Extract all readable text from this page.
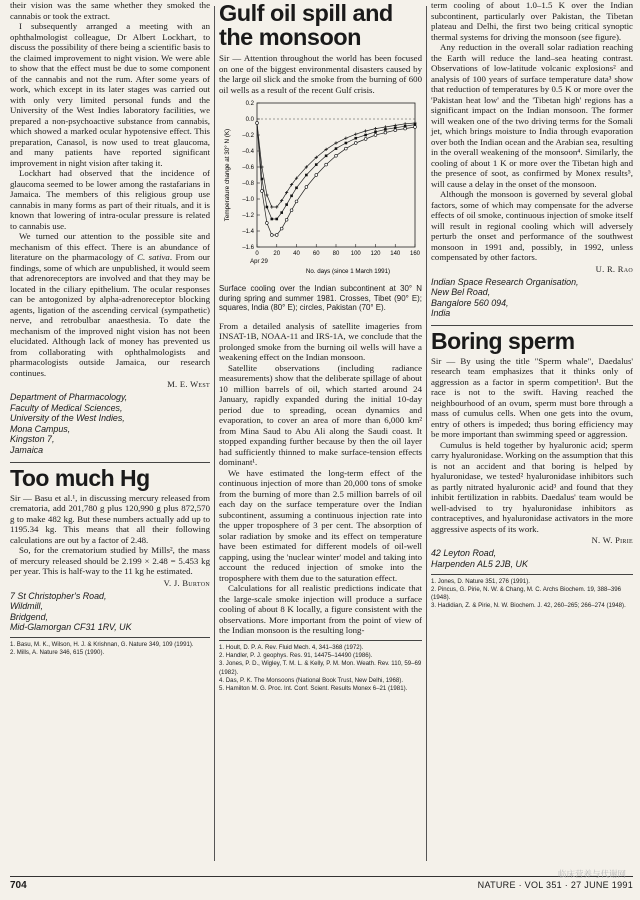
their vision was the same whether they smoked the cannabis or took the extract.

I subsequently arranged a meeting with an ophthalmologist colleague, Dr Albert Lockhart, to discuss the possibility of there being a scientific basis to the claimed improvement to night vision. We were able to show that the effect must be due to some component of the cannabis and not the rum. After some years of work, which except in its later stages was carried out with only very limited personal funds and the University of the West Indies laboratory facilities, we prepared a non-psychoactive substance from cannabis, which showed a marked ocular hypotensive effect. This preparation, Canasol, is now used to treat glaucoma, and many patients have reported significant improvement in night vision after taking it.

Lockhart had observed that the incidence of glaucoma seemed to be lower among the rastafarians in Jamaica. The members of this religious group use cannabis in many forms as part of their rituals, and it is known that lowering of intra-ocular pressure is related to cannabis use.

We turned our attention to the possible site and mechanism of this effect. There is an abundance of literature on the pharmacology of C. sativa. From our findings, some of which are unpublished, it would seem that adrenoreceptors are involved and that they may be located in the ciliary epithelium. The ocular responses can be antogonized by alpha-adrenoreceptor blocking agents, ligation of the ascending cervical (sympathetic) nerve, and retrobulbar anaesthesia. To date the mechanism of the improved night vision has not been elucidated. Although lack of money has prevented us from collaborating with ophthalmologists and pharmacologists outside Jamaica, our research continues.

M. E. West

Department of Pharmacology,

Faculty of Medical Sciences,

University of the West Indies,

Mona Campus,

Kingston 7,

Jamaica

Too much Hg

Sir — Basu et al.¹, in discussing mercury released from crematoria, add 201,780 g plus 120,990 g plus 872,570 g to make 482 kg. But these numbers actually add up to 1195.34 kg. This means that all their following calculations are out by a factor of 2.48.

So, for the crematorium studied by Mills², the mass of mercury released should be 2.199 × 2.48 = 5.453 kg per year. This is half-way to the 11 kg he estimated.

V. J. Burton

7 St Christopher's Road,

Wildmill,

Bridgend,

Mid-Glamorgan CF31 1RV, UK

1. Basu, M. K., Wilson, H. J. & Krishnan, G. Nature 349, 109 (1991).
2. Mills, A. Nature 346, 615 (1990).
Gulf oil spill and
the monsoon

Sir — Attention throughout the world has been focused on one of the biggest environmental disasters caused by the large oil slick and the smoke from the burning of 600 oil wells as a result of the recent Gulf crisis.

0.2
0.0
–0.2
–0.4
–0.6
–0.8
–1.0
–1.2
–1.4
–1.6
0 20 40 60 80 100 120 140 160
Apr 29
No. days (since 1 March 1991)
Temperature change at 30° N (K)

Surface cooling over the Indian subcontinent at 30° N during spring and summer 1981. Crosses, Tibet (90° E); squares, India (80° E); circles, Pakistan (70° E).

From a detailed analysis of satellite imageries from INSAT-1B, NOAA-11 and IRS-1A, we conclude that the prolonged smoke from the burning oil wells will have a weakening effect on the Indian monsoon.

Satellite observations (including radiance measurements) show that the deliberate spillage of about 10 million barrels of oil, which started around 24 January, rapidly expanded during the initial 10-day period due to spreading, ocean dynamics and evaporation, to cover an area of more than 6,000 km² from Mina Saud to Abu Ali along the Saudi coast. It stopped expanding further because by then the oil layer had sufficiently thinned to make surface-tension effects dominant¹.

We have estimated the long-term effect of the continuous injection of more than 20,000 tons of smoke from the burning of more than 2.5 million barrels of oil each day on the surface temperature over the Indian subcontinent, assuming a continuous injection rate into the upper troposphere of 3 per cent. The absorption of solar radiation by smoke and its effect on temperature have been estimated for different models of oil-well capping, using the 'nuclear winter' model and taking into account the reduced injection of smoke into the troposphere with them due to the saturation effect.

Calculations for all realistic predictions indicate that the large-scale smoke injection will produce a surface cooling of about 8 K locally, a figure consistent with the observations. More important from the point of view of the Indian monsoon is the resulting long-

1. Hoult, D. P. A. Rev. Fluid Mech. 4, 341–368 (1972).
2. Handler, P. J. geophys. Res. 91, 14475–14490 (1986).
3. Jones, P. D., Wigley, T. M. L. & Kelly, P. M. Mon. Weath. Rev. 110, 59–69 (1982).
4. Das, P. K. The Monsoons (National Book Trust, New Delhi, 1968).
5. Hamilton M. G. Proc. Int. Conf. Scient. Results Monex 6–21 (1981).

term cooling of about 1.0–1.5 K over the Indian subcontinent, particularly over Pakistan, the Tibetan plateau and Delhi, the first two being critical synoptic thermal systems for driving the monsoon (see figure).

Any reduction in the overall solar radiation reaching the Earth will reduce the land–sea heating contrast. Observations of low-latitude volcanic explosions² and analysis of 100 years of surface temperature data³ show that reduction of temperatures by 0.5 K or more over the 'Pakistan heat low' and the 'Tibetan high' regions has a significant impact on the Indian monsoon. The former will weaken one of the two driving terms for the Somali jet, which brings moisture to India through evaporation over both the Indian ocean and the Arabian sea, resulting in the overall weakening of the monsoon⁴. Similarly, the cooling of about 1 K or more over the Tibetan high and the presence of soot, as confirmed by Monex results⁵, will cause a delay in the onset of the monsoon.

Although the monsoon is governed by several global factors, some of which may compensate for the adverse effects of oil smoke, continuous injection of smoke itself will result in regional cooling which will adversely perturb the onset and performance of the southwest monsoon in 1991 and, possibly, in 1992, unless compensated by other factors.

U. R. Rao

Indian Space Research Organisation,

New Bel Road,

Bangalore 560 094,

India

Boring sperm

Sir — By using the title "Sperm whale", Daedalus' research team emphasizes that it thinks only of aggression as a factor in sperm competition¹. But the race is not to the swift. Having reached the neighbourhood of an ovum, sperm must bore through a mass of cumulus cells. When one gets into the ovum, entry of others is impeded; thus boring efficiency may be more important than swimming speed or aggression.

Cumulus is held together by hyaluronic acid; sperm carry hyaluronidase. Working on the assumption that this is not an accident and that boring is helped by hyaluronidase, we tested² hyaluronidase inhibitors such as partly nitrated hyaluronic acid³ and found that they inhibit fertilization in rabbits. Daedalus' team would be well-advised to try hyaluronidase inhibitors as contraceptives, and hyaluronidase activators in the more aggressive aspects of its work.

N. W. Pirie

42 Leyton Road,

Harpenden AL5 2JB, UK

1. Jones, D. Nature 351, 276 (1991).
2. Pincus, G. Pirie, N. W. & Chang, M. C. Archs Biochem. 19, 388–396 (1948).
3. Hadidian, Z. & Pirie, N. W. Biochem. J. 42, 260–265; 266–274 (1948).
704	NATURE · VOL 351 · 27 JUNE 1991
临床营养与代谢网
